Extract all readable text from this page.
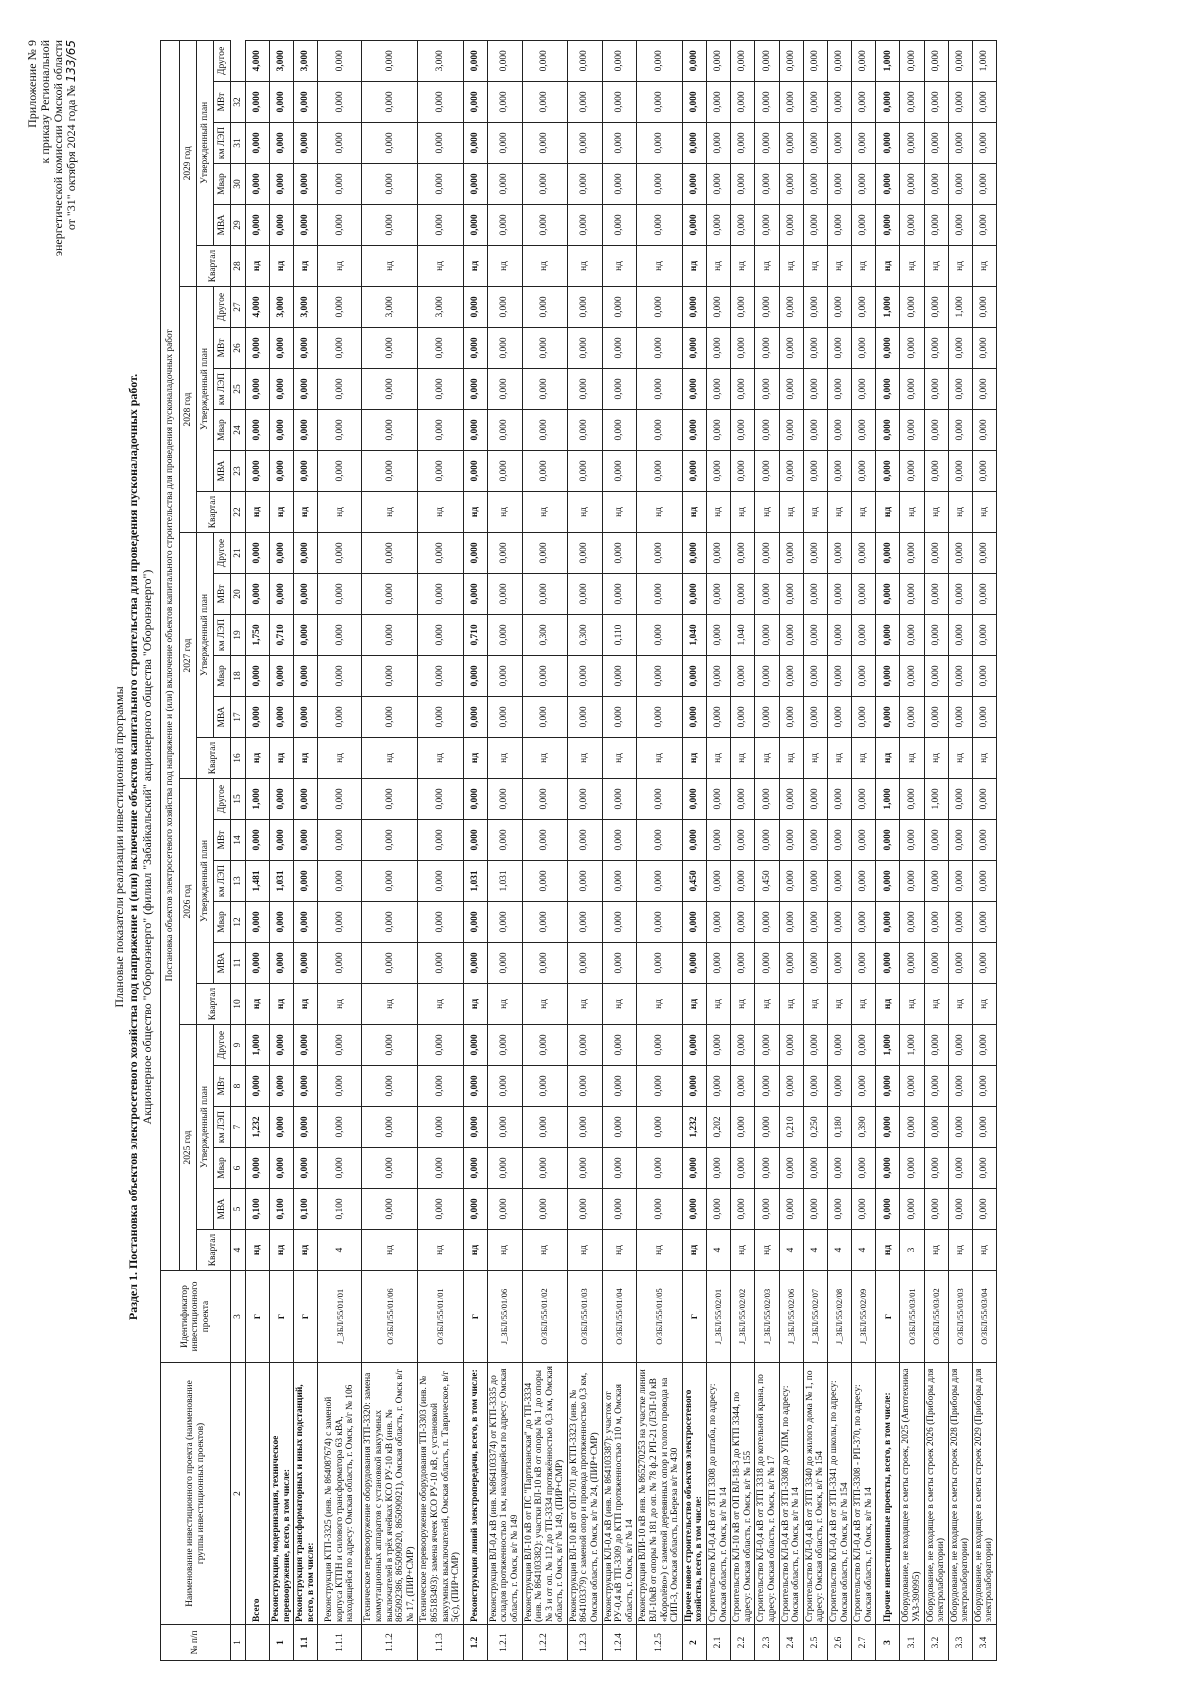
Приложение № 9 к приказу Региональной энергетической комиссии Омской области от "31" октября 2024 года № 133/65
Плановые показатели реализации инвестиционной программы Раздел 1. Постановка объектов электросетевого хозяйства под напряжение и (или) включение объектов капитального строительства для проведения пусконаладочных работ. Акционерное общество "Оборонэнерго" (филиал "Забайкальский" акционерного общества "Оборонэнерго")
№ п/п	Наименование инвестиционного проекта (наименование группы инвестиционных проектов)	Идентификатор инвестиционного проекта	Постановка объектов электросетевого хозяйства под напряжение и (или) включение объектов капитального строительства для проведения пусконаладочных работ																													
			2025 год						2026 год						2027 год						2028 год						2029 год					
			Квартал	Утвержденный план					Квартал	Утвержденный план					Квартал	Утвержденный план					Квартал	Утвержденный план					Квартал	Утвержденный план				
				МВА	Мвар	км ЛЭП	МВт	Другое		МВА	Мвар	км ЛЭП	МВт	Другое		МВА	Мвар	км ЛЭП	МВт	Другое		МВА	Мвар	км ЛЭП	МВт	Другое		МВА	Мвар	км ЛЭП	МВт	Другое
1	2	3	4	5	6	7	8	9	10	11	12	13	14	15	16	17	18	19	20	21	22	23	24	25	26	27	28	29	30	31	32	
	Всего	Г	нд	0,100	0,000	1,232	0,000	1,000	нд	0,000	0,000	1,481	0,000	1,000	нд	0,000	0,000	1,750	0,000	0,000	нд	0,000	0,000	0,000	0,000	4,000	нд	0,000	0,000	0,000	0,000	4,000
1	Реконструкция, модернизация, техническое перевооружение, всего, в том числе:	Г	нд	0,100	0,000	0,000	0,000	0,000	нд	0,000	0,000	1,031	0,000	0,000	нд	0,000	0,000	0,710	0,000	0,000	нд	0,000	0,000	0,000	0,000	3,000	нд	0,000	0,000	0,000	0,000	3,000
1.1	Реконструкция трансформаторных и иных подстанций, всего, в том числе:	Г	нд	0,100	0,000	0,000	0,000	0,000	нд	0,000	0,000	0,000	0,000	0,000	нд	0,000	0,000	0,000	0,000	0,000	нд	0,000	0,000	0,000	0,000	3,000	нд	0,000	0,000	0,000	0,000	3,000
1.1.1	Реконструкция КТП-3325 (инв. № 864087674) с заменой корпуса КТПН и силового трансформатора 63 кВА, находящейся по адресу: Омская область, г. Омск, в/г № 106	J_ЗБЛ/55/01/01	4	0,100	0,000	0,000	0,000	0,000	нд	0,000	0,000	0,000	0,000	0,000	нд	0,000	0,000	0,000	0,000	0,000	нд	0,000	0,000	0,000	0,000	0,000	нд	0,000	0,000	0,000	0,000	0,000
1.1.2	Техническое перевооружение оборудования ЗТП-3320: замена коммутационных аппаратов с установкой вакуумных выключателей в трёх ячейках КСО РУ-10 кВ (инв. № 865092386, 865090920, 865090921), Омская область, г. Омск в/г № 17, (ПИР+СМР)	O/ЗБЛ/55/01/06	нд	0,000	0,000	0,000	0,000	0,000	нд	0,000	0,000	0,000	0,000	0,000	нд	0,000	0,000	0,000	0,000	0,000	нд	0,000	0,000	0,000	0,000	3,000	нд	0,000	0,000	0,000	0,000	0,000
1.1.3	Техническое перевооружение оборудования ТП-3303 (инв. № 865183493): замена ячеек КСО РУ-10 кВ, с установкой вакуумных выключателей, Омская область, п. Таврическое, в/г 5(с), (ПИР+СМР)	O/ЗБЛ/55/01/01	нд	0,000	0,000	0,000	0,000	0,000	нд	0,000	0,000	0,000	0,000	0,000	нд	0,000	0,000	0,000	0,000	0,000	нд	0,000	0,000	0,000	0,000	3,000	нд	0,000	0,000	0,000	0,000	3,000
1.2	Реконструкция линий электропередачи, всего, в том числе:	Г	нд	0,000	0,000	0,000	0,000	0,000	нд	0,000	0,000	1,031	0,000	0,000	нд	0,000	0,000	0,710	0,000	0,000	нд	0,000	0,000	0,000	0,000	0,000	нд	0,000	0,000	0,000	0,000	0,000
1.2.1	Реконструкция ВЛ-0,4 кВ (инв. №864103374) от КТП-3335 до складов протяженностью 1 км, находящейся по адресу: Омская область, г. Омск, в/г № 149	J_ЗБЛ/55/01/06	нд	0,000	0,000	0,000	0,000	0,000	нд	0,000	0,000	1,031	0,000	0,000	нд	0,000	0,000	0,000	0,000	0,000	нд	0,000	0,000	0,000	0,000	0,000	нд	0,000	0,000	0,000	0,000	0,000
1.2.2	Реконструкция ВЛ-10 кВ от ПС "Партизанская" до ТП-3334 (инв. № 864103382): участки ВЛ-10 кВ от опоры № 1 до опоры № 3 и от оп. № 112 до ТП-3334 протяжённостью 0,3 км, Омская область, г. Омск, в/г № 149, (ПИР+СМР)	O/ЗБЛ/55/01/02	нд	0,000	0,000	0,000	0,000	0,000	нд	0,000	0,000	0,000	0,000	0,000	нд	0,000	0,000	0,300	0,000	0,000	нд	0,000	0,000	0,000	0,000	0,000	нд	0,000	0,000	0,000	0,000	0,000
1.2.3	Реконструкция ВЛ-10 кВ от ОП-701 до КТП-3323 (инв. № 864103379) с заменой опор и провода протяженностью 0,3 км, Омская область, г. Омск, в/г № 24, (ПИР+СМР)	O/ЗБЛ/55/01/03	нд	0,000	0,000	0,000	0,000	0,000	нд	0,000	0,000	0,000	0,000	0,000	нд	0,000	0,000	0,300	0,000	0,000	нд	0,000	0,000	0,000	0,000	0,000	нд	0,000	0,000	0,000	0,000	0,000
1.2.4	Реконструкция КЛ-0,4 кВ (инв. № 864103387): участок от РУ-0,4 кВ ТП-3309 до КТП протяженностью 110 м, Омская область, г. Омск, в/г № 14	O/ЗБЛ/55/01/04	нд	0,000	0,000	0,000	0,000	0,000	нд	0,000	0,000	0,000	0,000	0,000	нд	0,000	0,000	0,110	0,000	0,000	нд	0,000	0,000	0,000	0,000	0,000	нд	0,000	0,000	0,000	0,000	0,000
1.2.5	Реконструкция ВЛИ-10 кВ инв. № 865270253 на участке линии ВЛ-10кВ от опоры № 181 до оп. № 78 ф.2 РП-21 (ЛЭП-10 кВ «Королёво») с заменой деревянных опор и голого провода на СИП-3, Омская область, п.Береза в/г № 430	O/ЗБЛ/55/01/05	нд	0,000	0,000	0,000	0,000	0,000	нд	0,000	0,000	0,000	0,000	0,000	нд	0,000	0,000	0,000	0,000	0,000	нд	0,000	0,000	0,000	0,000	0,000	нд	0,000	0,000	0,000	0,000	0,000
2	Прочее новое строительство объектов электросетевого хозяйства, всего, в том числе:	Г	нд	0,000	0,000	1,232	0,000	0,000	нд	0,000	0,000	0,450	0,000	0,000	нд	0,000	0,000	1,040	0,000	0,000	нд	0,000	0,000	0,000	0,000	0,000	нд	0,000	0,000	0,000	0,000	0,000
2.1	Строительство КЛ-0,4 кВ от ЗТП 3308 до штаба, по адресу: Омская область, г. Омск, в/г № 14	J_ЗБЛ/55/02/01	4	0,000	0,000	0,202	0,000	0,000	нд	0,000	0,000	0,000	0,000	0,000	нд	0,000	0,000	0,000	0,000	0,000	нд	0,000	0,000	0,000	0,000	0,000	нд	0,000	0,000	0,000	0,000	0,000
2.2	Строительство КЛ-10 кВ от ОП ВЛ-18-3 до КТП 3344, по адресу: Омская область, г. Омск, в/г № 155	J_ЗБЛ/55/02/02	нд	0,000	0,000	0,000	0,000	0,000	нд	0,000	0,000	0,000	0,000	0,000	нд	0,000	0,000	1,040	0,000	0,000	нд	0,000	0,000	0,000	0,000	0,000	нд	0,000	0,000	0,000	0,000	0,000
2.3	Строительство КЛ-0,4 кВ от ЗТП 3318 до котельной крана, по адресу: Омская область, г. Омск, в/г № 17	J_ЗБЛ/55/02/03	нд	0,000	0,000	0,000	0,000	0,000	нд	0,000	0,000	0,450	0,000	0,000	нд	0,000	0,000	0,000	0,000	0,000	нд	0,000	0,000	0,000	0,000	0,000	нд	0,000	0,000	0,000	0,000	0,000
2.4	Строительство КЛ-0,4 кВ от ЗТП-3308 до УПМ, по адресу: Омская область, г. Омск, в/г № 14	J_ЗБЛ/55/02/06	4	0,000	0,000	0,210	0,000	0,000	нд	0,000	0,000	0,000	0,000	0,000	нд	0,000	0,000	0,000	0,000	0,000	нд	0,000	0,000	0,000	0,000	0,000	нд	0,000	0,000	0,000	0,000	0,000
2.5	Строительство КЛ-0,4 кВ от ЗТП 3340 до жилого дома № 1, по адресу: Омская область, г. Омск, в/г № 154	J_ЗБЛ/55/02/07	4	0,000	0,000	0,250	0,000	0,000	нд	0,000	0,000	0,000	0,000	0,000	нд	0,000	0,000	0,000	0,000	0,000	нд	0,000	0,000	0,000	0,000	0,000	нд	0,000	0,000	0,000	0,000	0,000
2.6	Строительство КЛ-0,4 кВ от ЗТП-3341 до школы, по адресу: Омская область, г. Омск, в/г № 154	J_ЗБЛ/55/02/08	4	0,000	0,000	0,180	0,000	0,000	нд	0,000	0,000	0,000	0,000	0,000	нд	0,000	0,000	0,000	0,000	0,000	нд	0,000	0,000	0,000	0,000	0,000	нд	0,000	0,000	0,000	0,000	0,000
2.7	Строительство КЛ-0,4 кВ от ЗТП-3308 - РП-370, по адресу: Омская область, г. Омск, в/г № 14	J_ЗБЛ/55/02/09	4	0,000	0,000	0,390	0,000	0,000	нд	0,000	0,000	0,000	0,000	0,000	нд	0,000	0,000	0,000	0,000	0,000	нд	0,000	0,000	0,000	0,000	0,000	нд	0,000	0,000	0,000	0,000	0,000
3	Прочие инвестиционные проекты, всего, в том числе:	Г	нд	0,000	0,000	0,000	0,000	1,000	нд	0,000	0,000	0,000	0,000	1,000	нд	0,000	0,000	0,000	0,000	0,000	нд	0,000	0,000	0,000	0,000	1,000	нд	0,000	0,000	0,000	0,000	1,000
3.1	Оборудование, не входящее в сметы строек, 2025 (Автотехника УАЗ-390995)	O/ЗБЛ/55/03/01	3	0,000	0,000	0,000	0,000	1,000	нд	0,000	0,000	0,000	0,000	0,000	нд	0,000	0,000	0,000	0,000	0,000	нд	0,000	0,000	0,000	0,000	0,000	нд	0,000	0,000	0,000	0,000	0,000
3.2	Оборудование, не входящее в сметы строек 2026 (Приборы для электролаборатории)	O/ЗБЛ/55/03/02	нд	0,000	0,000	0,000	0,000	0,000	нд	0,000	0,000	0,000	0,000	1,000	нд	0,000	0,000	0,000	0,000	0,000	нд	0,000	0,000	0,000	0,000	0,000	нд	0,000	0,000	0,000	0,000	0,000
3.3	Оборудование, не входящее в сметы строек 2028 (Приборы для электролаборатории)	O/ЗБЛ/55/03/03	нд	0,000	0,000	0,000	0,000	0,000	нд	0,000	0,000	0,000	0,000	0,000	нд	0,000	0,000	0,000	0,000	0,000	нд	0,000	0,000	0,000	0,000	1,000	нд	0,000	0,000	0,000	0,000	0,000
3.4	Оборудование, не входящее в сметы строек 2029 (Приборы для электролаборатории)	O/ЗБЛ/55/03/04	нд	0,000	0,000	0,000	0,000	0,000	нд	0,000	0,000	0,000	0,000	0,000	нд	0,000	0,000	0,000	0,000	0,000	нд	0,000	0,000	0,000	0,000	0,000	нд	0,000	0,000	0,000	0,000	1,000
